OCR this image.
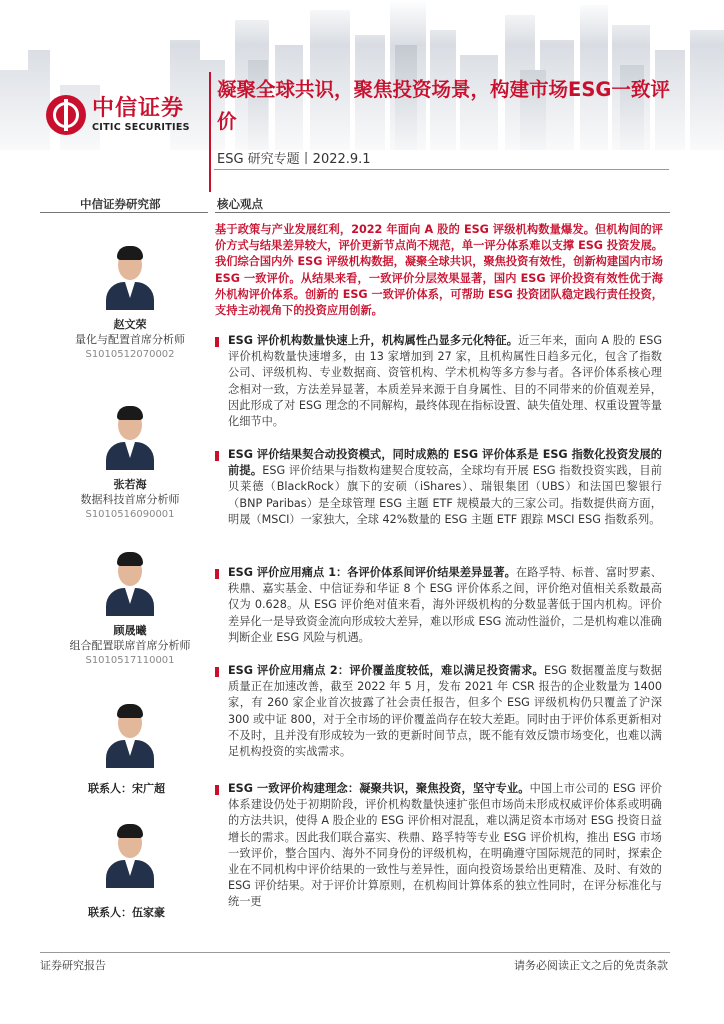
中信证券
CITIC SECURITIES
凝聚全球共识，聚焦投资场景，构建市场ESG一致评价
ESG 研究专题丨2022.9.1
中信证券研究部	核心观点
基于政策与产业发展红利，2022 年面向 A 股的 ESG 评级机构数量爆发。但机构间的评价方式与结果差异较大，评价更新节点尚不规范，单一评分体系难以支撑 ESG 投资发展。我们综合国内外 ESG 评级机构数据，凝聚全球共识，聚焦投资有效性，创新构建国内市场 ESG 一致评价。从结果来看，一致评价分层效果显著，国内 ESG 评价投资有效性优于海外机构评价体系。创新的 ESG 一致评价体系，可帮助 ESG 投资团队稳定践行责任投资，支持主动视角下的投资应用创新。
ESG 评价机构数量快速上升，机构属性凸显多元化特征。近三年来，面向 A 股的 ESG 评价机构数量快速增多，由 13 家增加到 27 家，且机构属性日趋多元化，包含了指数公司、评级机构、专业数据商、资管机构、学术机构等多方参与者。各评价体系核心理念相对一致，方法差异显著，本质差异来源于自身属性、目的不同带来的价值观差异，因此形成了对 ESG 理念的不同解构，最终体现在指标设置、缺失值处理、权重设置等量化细节中。
ESG 评价结果契合动投资模式，同时成熟的 ESG 评价体系是 ESG 指数化投资发展的前提。ESG 评价结果与指数构建契合度较高，全球均有开展 ESG 指数投资实践，目前贝莱德（BlackRock）旗下的安硕（iShares）、瑞银集团（UBS）和法国巴黎银行（BNP Paribas）是全球管理 ESG 主题 ETF 规模最大的三家公司。指数提供商方面，明晟（MSCI）一家独大，全球 42%数量的 ESG 主题 ETF 跟踪 MSCI ESG 指数系列。
ESG 评价应用痛点 1：各评价体系间评价结果差异显著。在路孚特、标普、富时罗素、秩鼎、嘉实基金、中信证券和华证 8 个 ESG 评价体系之间，评价绝对值相关系数最高仅为 0.628。从 ESG 评价绝对值来看，海外评级机构的分数显著低于国内机构。评价差异化一是导致资金流向形成较大差异，难以形成 ESG 流动性溢价，二是机构难以准确判断企业 ESG 风险与机遇。
ESG 评价应用痛点 2：评价覆盖度较低，难以满足投资需求。ESG 数据覆盖度与数据质量正在加速改善，截至 2022 年 5 月，发布 2021 年 CSR 报告的企业数量为 1400 家，有 260 家企业首次披露了社会责任报告，但多个 ESG 评级机构仍只覆盖了沪深 300 或中证 800，对于全市场的评价覆盖尚存在较大差距。同时由于评价体系更新相对不及时，且并没有形成较为一致的更新时间节点，既不能有效反馈市场变化，也难以满足机构投资的实战需求。
ESG 一致评价构建理念：凝聚共识，聚焦投资，坚守专业。中国上市公司的 ESG 评价体系建设仍处于初期阶段，评价机构数量快速扩张但市场尚未形成权威评价体系或明确的方法共识，使得 A 股企业的 ESG 评价相对混乱，难以满足资本市场对 ESG 投资日益增长的需求。因此我们联合嘉实、秩鼎、路孚特等专业 ESG 评价机构，推出 ESG 市场一致评价，整合国内、海外不同身份的评级机构，在明确遵守国际规范的同时，探索企业在不同机构中评价结果的一致性与差异性，面向投资场景给出更精准、及时、有效的 ESG 评价结果。对于评价计算原则，在机构间计算体系的独立性同时，在评分标准化与统一更
赵文荣
量化与配置首席分析师
S1010512070002
张若海
数据科技首席分析师
S1010516090001
顾晟曦
组合配置联席首席分析师
S1010517110001
联系人：宋广超
联系人：伍家豪
证券研究报告	请务必阅读正文之后的免责条款
